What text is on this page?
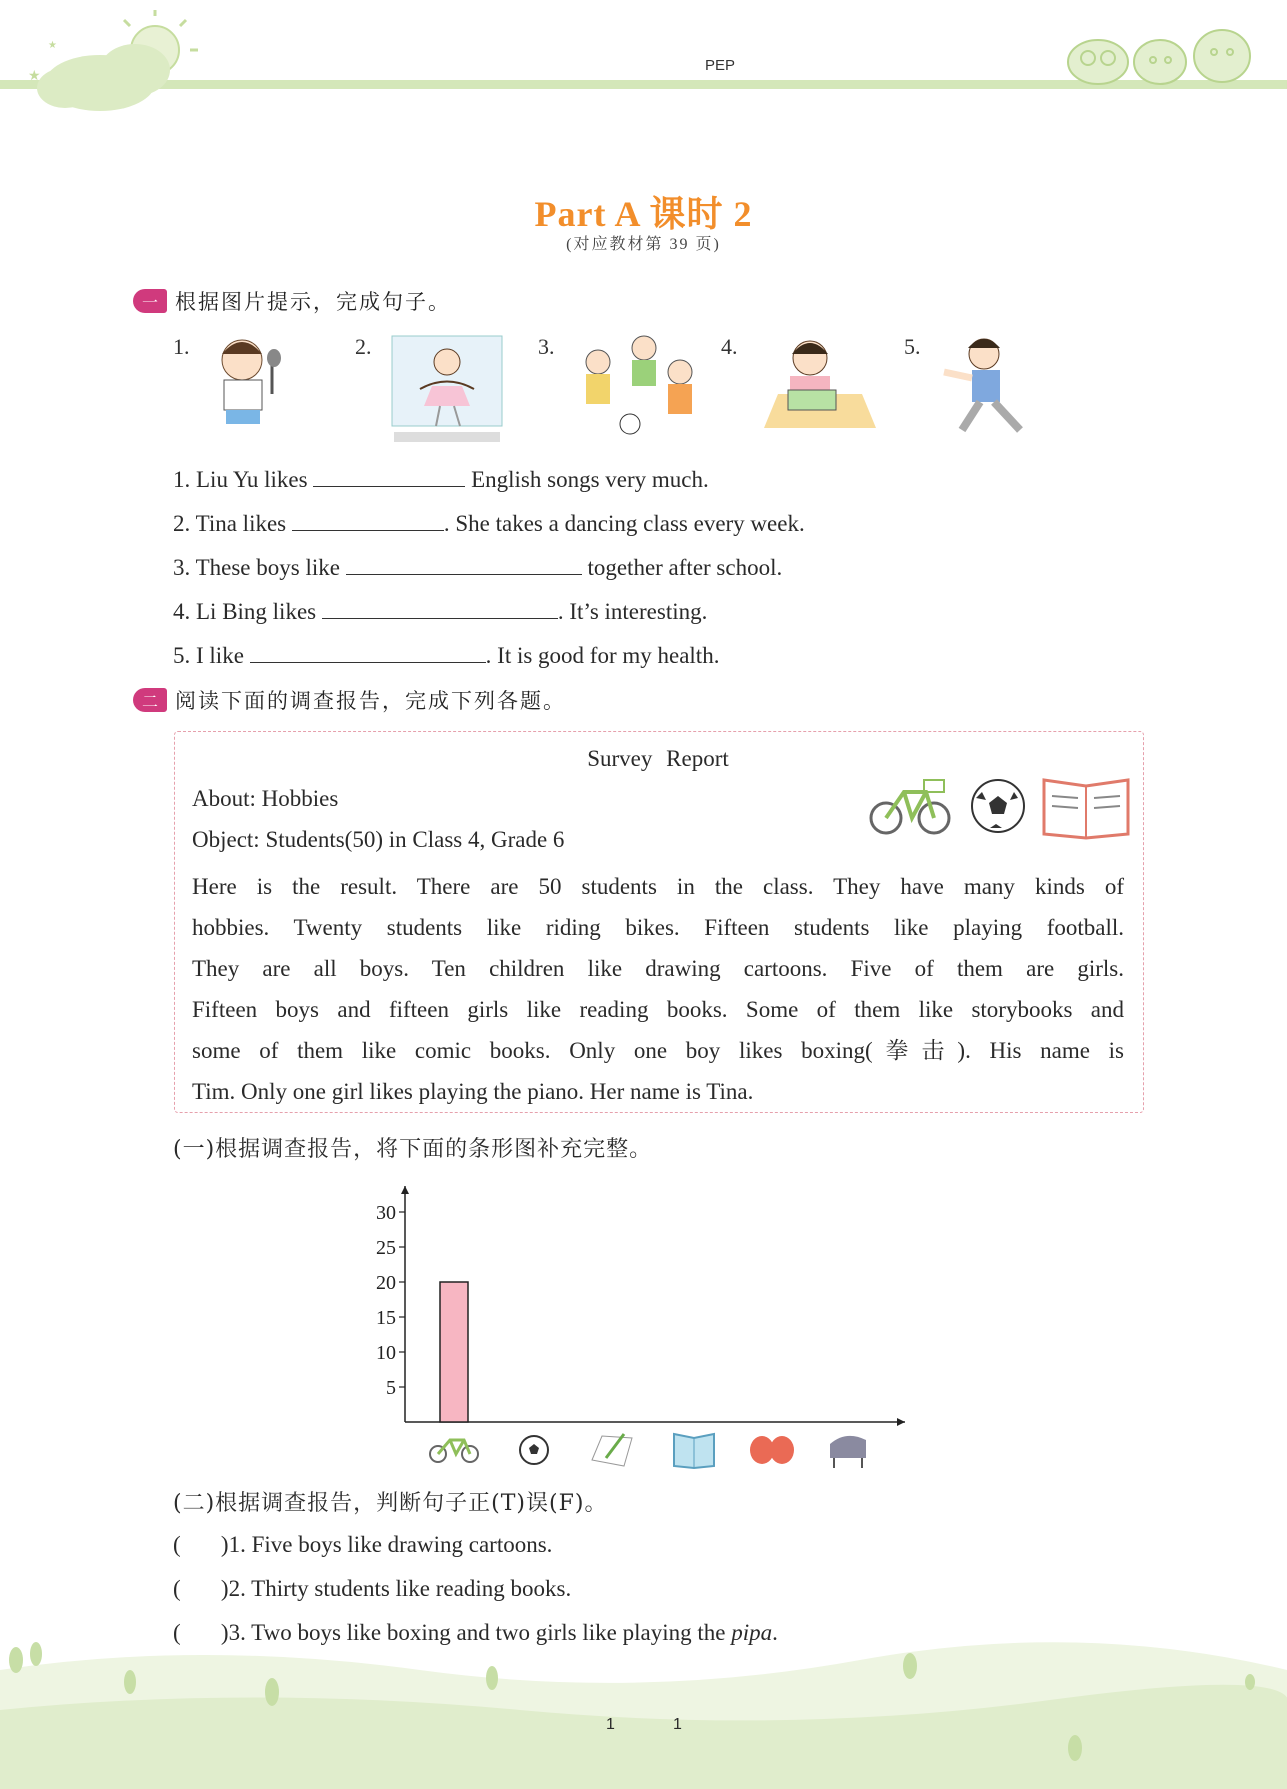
★
★
PEP
Part A 课时 2
(对应教材第 39 页)
一 根据图片提示，完成句子。
1.	2.	3.	4.	5.
1. Liu Yu likes	English songs very much.
2. Tina likes	. She takes a dancing class every week.
3. These boys like	together after school.
4. Li Bing likes	. It’s interesting.
5. I like	. It is good for my health.
二 阅读下面的调查报告，完成下列各题。
Survey Report
About: Hobbies
Object: Students(50) in Class 4, Grade 6

Here is the result. There are 50 students in the class. They have many kinds of

hobbies. Twenty students like riding bikes. Fifteen students like playing football.

They are all boys. Ten children like drawing cartoons. Five of them are girls.

Fifteen boys and fifteen girls like reading books. Some of them like storybooks and

some of them like comic books. Only one boy likes boxing(拳击). His name is

Tim. Only one girl likes playing the piano. Her name is Tina.

(一)根据调查报告，将下面的条形图补充完整。
5
10
15
20
25
30
(二)根据调查报告，判断句子正(T)误(F)。
(       )1. Five boys like drawing cartoons.
(       )2. Thirty students like reading books.
(       )3. Two boys like boxing and two girls like playing the pipa.
1	1
